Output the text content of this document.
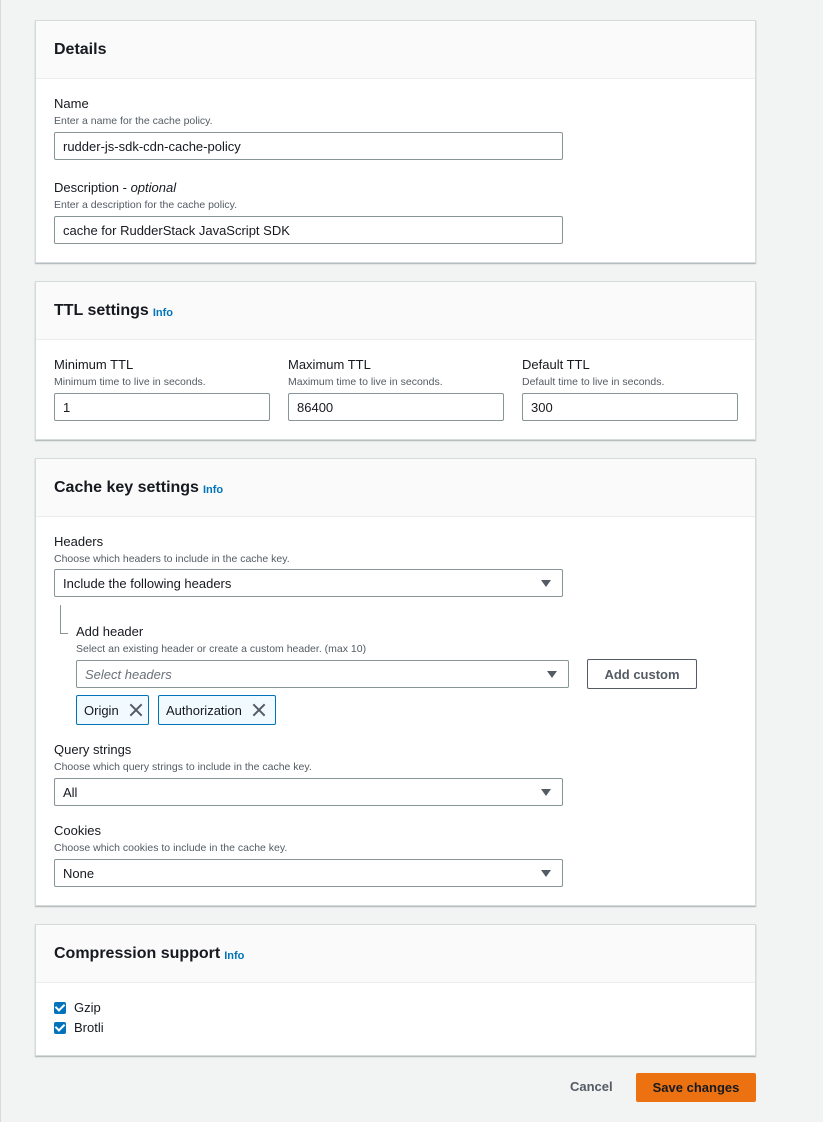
Details
Name
Enter a name for the cache policy.
rudder-js-sdk-cdn-cache-policy
Description - optional
Enter a description for the cache policy.
cache for RudderStack JavaScript SDK
TTL settings Info
Minimum TTL
Minimum time to live in seconds.
1
Maximum TTL
Maximum time to live in seconds.
86400
Default TTL
Default time to live in seconds.
300
Cache key settings Info
Headers
Choose which headers to include in the cache key.
Include the following headers
Add header
Select an existing header or create a custom header. (max 10)
Select headers	Add custom
Origin	Authorization
Query strings
Choose which query strings to include in the cache key.
All
Cookies
Choose which cookies to include in the cache key.
None
Compression support Info
Gzip
Brotli
Cancel	Save changes
